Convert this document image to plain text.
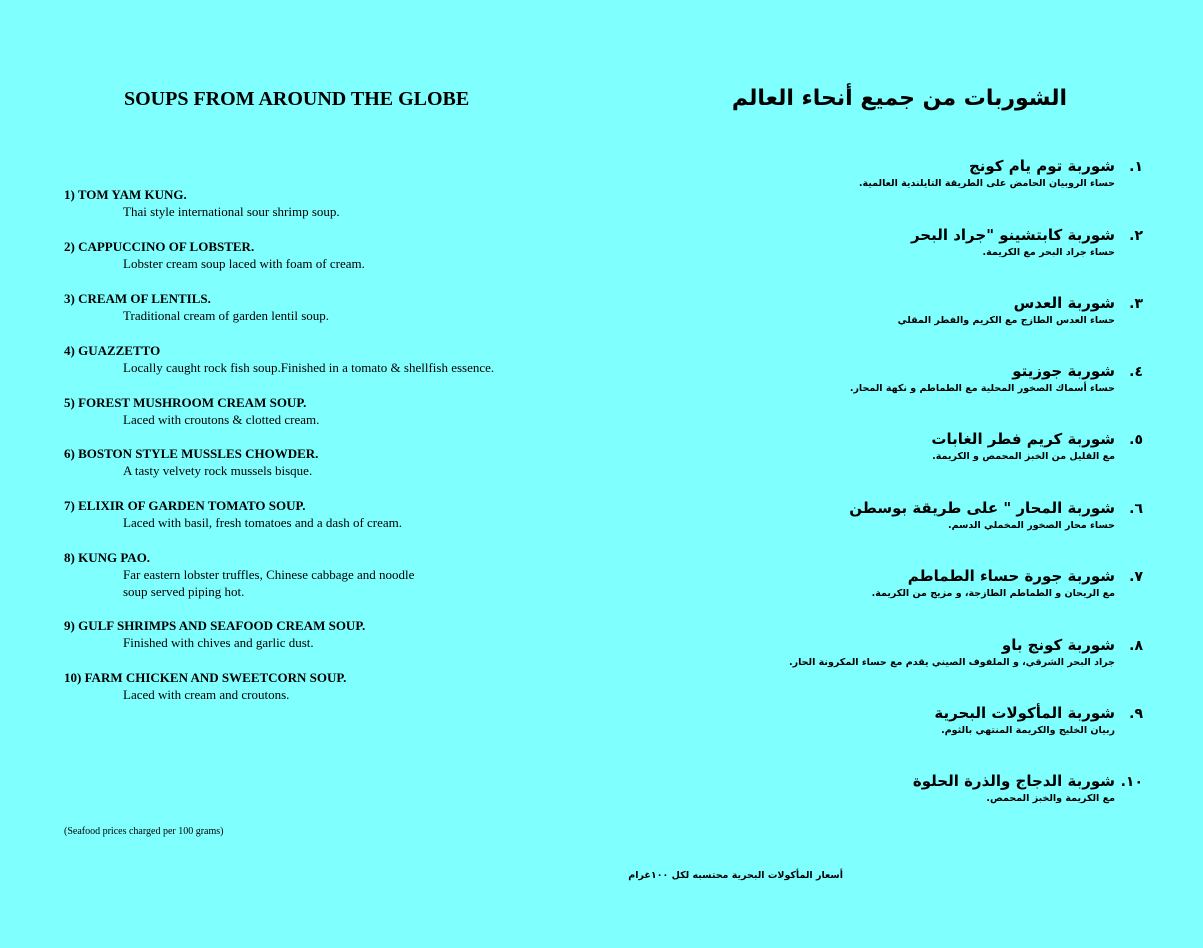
SOUPS FROM AROUND THE GLOBE
1) TOM YAM KUNG.
Thai style international sour shrimp soup.
2) CAPPUCCINO OF LOBSTER.
Lobster cream soup laced with foam of cream.
3) CREAM OF LENTILS.
Traditional cream of garden lentil soup.
4) GUAZZETTO
Locally caught rock fish soup.Finished in a tomato & shellfish essence.
5) FOREST MUSHROOM CREAM SOUP.
Laced with croutons & clotted cream.
6) BOSTON STYLE MUSSLES CHOWDER.
A tasty velvety rock mussels bisque.
7) ELIXIR OF GARDEN TOMATO SOUP.
Laced with basil, fresh tomatoes and a dash of cream.
8) KUNG PAO.
Far eastern lobster truffles, Chinese cabbage and noodle
soup served piping hot.
9) GULF SHRIMPS AND SEAFOOD CREAM SOUP.
Finished with chives and garlic dust.
10) FARM CHICKEN AND SWEETCORN SOUP.
Laced with cream and croutons.
(Seafood prices charged per 100 grams)
الشوربات من جميع أنحاء العالم
١.
شوربة توم يام كونج
حساء الروبيان الحامض على الطريقة التايلندية العالمية.
٢.
شوربة كابتشينو "جراد البحر
حساء جراد البحر مع الكريمة.
٣.
شوربة العدس
حساء العدس الطازج مع الكريم والفطر المقلي
٤.
شوربة جوزيتو
حساء أسماك الصخور المحلية مع الطماطم و نكهة المحار.
٥.
شوربة كريم فطر الغابات
مع القليل من الخبز المحمص و الكريمة.
٦.
شوربة المحار " على طريقة بوسطن
حساء محار الصخور المخملي الدسم.
٧.
شوربة جورة حساء الطماطم
مع الريحان و الطماطم الطازجة، و مزيج من الكريمة.
٨.
شوربة كونج باو
جراد البحر الشرقي، و الملفوف الصيني يقدم مع حساء المكرونة الحار.
٩.
شوربة المأكولات البحرية
ربيان الخليج والكريمة المنتهي بالثوم.
١٠.
شوربة الدجاج والذرة الحلوة
مع الكريمة والخبز المحمص.
أسعار المأكولات البحرية محتسبه لكل ١٠٠غرام
